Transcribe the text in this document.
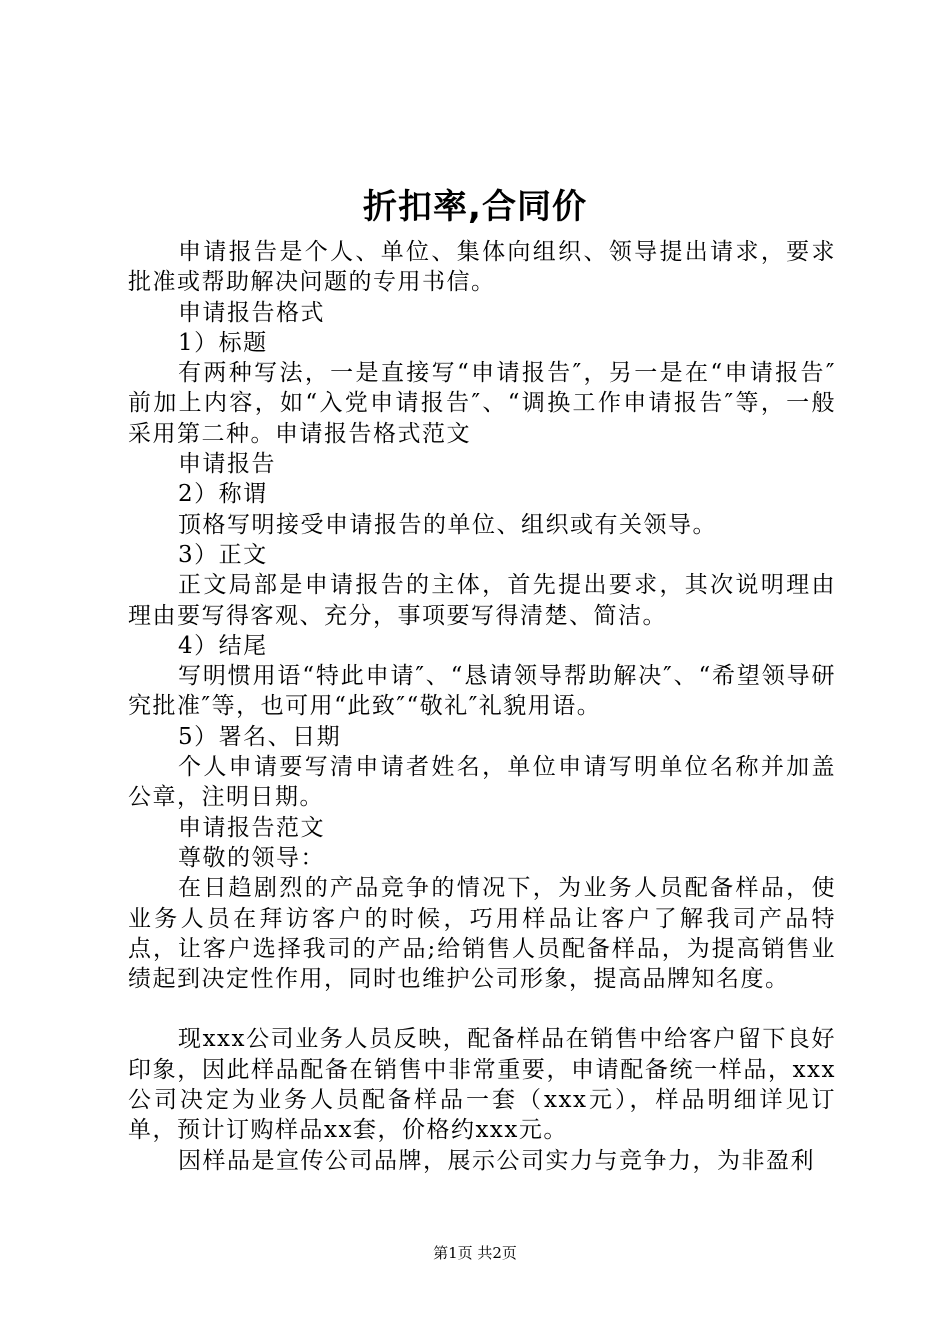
折扣率,合同价

申请报告是个人、单位、集体向组织、领导提出请求，要求批准或帮助解决问题的专用书信。

申请报告格式

1）标题

有两种写法，一是直接写“申请报告″，另一是在“申请报告″前加上内容，如“入党申请报告″、“调换工作申请报告″等，一般采用第二种。申请报告格式范文

申请报告

2）称谓

顶格写明接受申请报告的单位、组织或有关领导。

3）正文

正文局部是申请报告的主体，首先提出要求，其次说明理由理由要写得客观、充分，事项要写得清楚、简洁。

4）结尾

写明惯用语“特此申请″、“恳请领导帮助解决″、“希望领导研究批准″等，也可用“此致″“敬礼″礼貌用语。

5）署名、日期

个人申请要写清申请者姓名，单位申请写明单位名称并加盖公章，注明日期。

申请报告范文

尊敬的领导：

在日趋剧烈的产品竞争的情况下，为业务人员配备样品，使业务人员在拜访客户的时候，巧用样品让客户了解我司产品特点，让客户选择我司的产品;给销售人员配备样品，为提高销售业绩起到决定性作用，同时也维护公司形象，提高品牌知名度。

现xxx公司业务人员反映，配备样品在销售中给客户留下良好印象，因此样品配备在销售中非常重要，申请配备统一样品，xxx公司决定为业务人员配备样品一套（xxx元），样品明细详见订单，预计订购样品xx套，价格约xxx元。

因样品是宣传公司品牌，展示公司实力与竞争力，为非盈利

第1页 共2页
